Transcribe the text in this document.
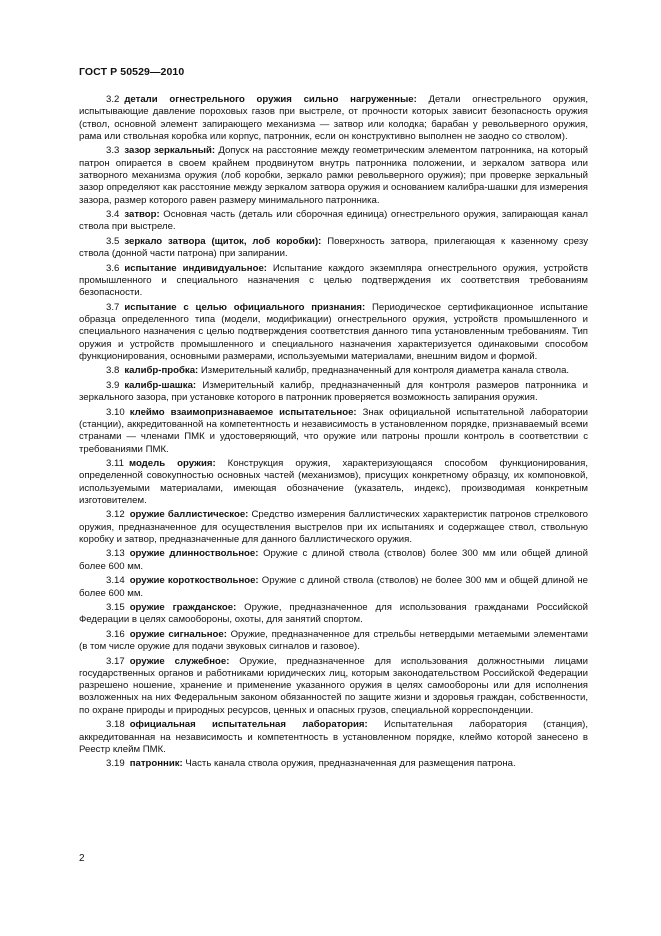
ГОСТ Р 50529—2010

3.2 детали огнестрельного оружия сильно нагруженные: Детали огнестрельного оружия, испытывающие давление пороховых газов при выстреле, от прочности которых зависит безопасность оружия (ствол, основной элемент запирающего механизма — затвор или колодка; барабан у револьверного оружия, рама или ствольная коробка или корпус, патронник, если он конструктивно выполнен не заодно со стволом).

3.3 зазор зеркальный: Допуск на расстояние между геометрическим элементом патронника, на который патрон опирается в своем крайнем продвинутом внутрь патронника положении, и зеркалом затвора или затворного механизма оружия (лоб коробки, зеркало рамки револьверного оружия); при проверке зеркальный зазор определяют как расстояние между зеркалом затвора оружия и основанием калибра-шашки для измерения зазора, размер которого равен размеру минимального патронника.

3.4 затвор: Основная часть (деталь или сборочная единица) огнестрельного оружия, запирающая канал ствола при выстреле.

3.5 зеркало затвора (щиток, лоб коробки): Поверхность затвора, прилегающая к казенному срезу ствола (донной части патрона) при запирании.

3.6 испытание индивидуальное: Испытание каждого экземпляра огнестрельного оружия, устройств промышленного и специального назначения с целью подтверждения их соответствия требованиям безопасности.

3.7 испытание с целью официального признания: Периодическое сертификационное испытание образца определенного типа (модели, модификации) огнестрельного оружия, устройств промышленного и специального назначения с целью подтверждения соответствия данного типа установленным требованиям. Тип оружия и устройств промышленного и специального назначения характеризуется одинаковыми способом функционирования, основными размерами, используемыми материалами, внешним видом и формой.

3.8 калибр-пробка: Измерительный калибр, предназначенный для контроля диаметра канала ствола.

3.9 калибр-шашка: Измерительный калибр, предназначенный для контроля размеров патронника и зеркального зазора, при установке которого в патронник проверяется возможность запирания оружия.

3.10 клеймо взаимопризнаваемое испытательное: Знак официальной испытательной лаборатории (станции), аккредитованной на компетентность и независимость в установленном порядке, признаваемый всеми странами — членами ПМК и удостоверяющий, что оружие или патроны прошли контроль в соответствии с требованиями ПМК.

3.11 модель оружия: Конструкция оружия, характеризующаяся способом функционирования, определенной совокупностью основных частей (механизмов), присущих конкретному образцу, их компоновкой, используемыми материалами, имеющая обозначение (указатель, индекс), производимая конкретным изготовителем.

3.12 оружие баллистическое: Средство измерения баллистических характеристик патронов стрелкового оружия, предназначенное для осуществления выстрелов при их испытаниях и содержащее ствол, ствольную коробку и затвор, предназначенные для данного баллистического оружия.

3.13 оружие длинноствольное: Оружие с длиной ствола (стволов) более 300 мм или общей длиной более 600 мм.

3.14 оружие короткоствольное: Оружие с длиной ствола (стволов) не более 300 мм и общей длиной не более 600 мм.

3.15 оружие гражданское: Оружие, предназначенное для использования гражданами Российской Федерации в целях самообороны, охоты, для занятий спортом.

3.16 оружие сигнальное: Оружие, предназначенное для стрельбы нетвердыми метаемыми элементами (в том числе оружие для подачи звуковых сигналов и газовое).

3.17 оружие служебное: Оружие, предназначенное для использования должностными лицами государственных органов и работниками юридических лиц, которым законодательством Российской Федерации разрешено ношение, хранение и применение указанного оружия в целях самообороны или для исполнения возложенных на них Федеральным законом обязанностей по защите жизни и здоровья граждан, собственности, по охране природы и природных ресурсов, ценных и опасных грузов, специальной корреспонденции.

3.18 официальная испытательная лаборатория: Испытательная лаборатория (станция), аккредитованная на независимость и компетентность в установленном порядке, клеймо которой занесено в Реестр клейм ПМК.

3.19 патронник: Часть канала ствола оружия, предназначенная для размещения патрона.

2
